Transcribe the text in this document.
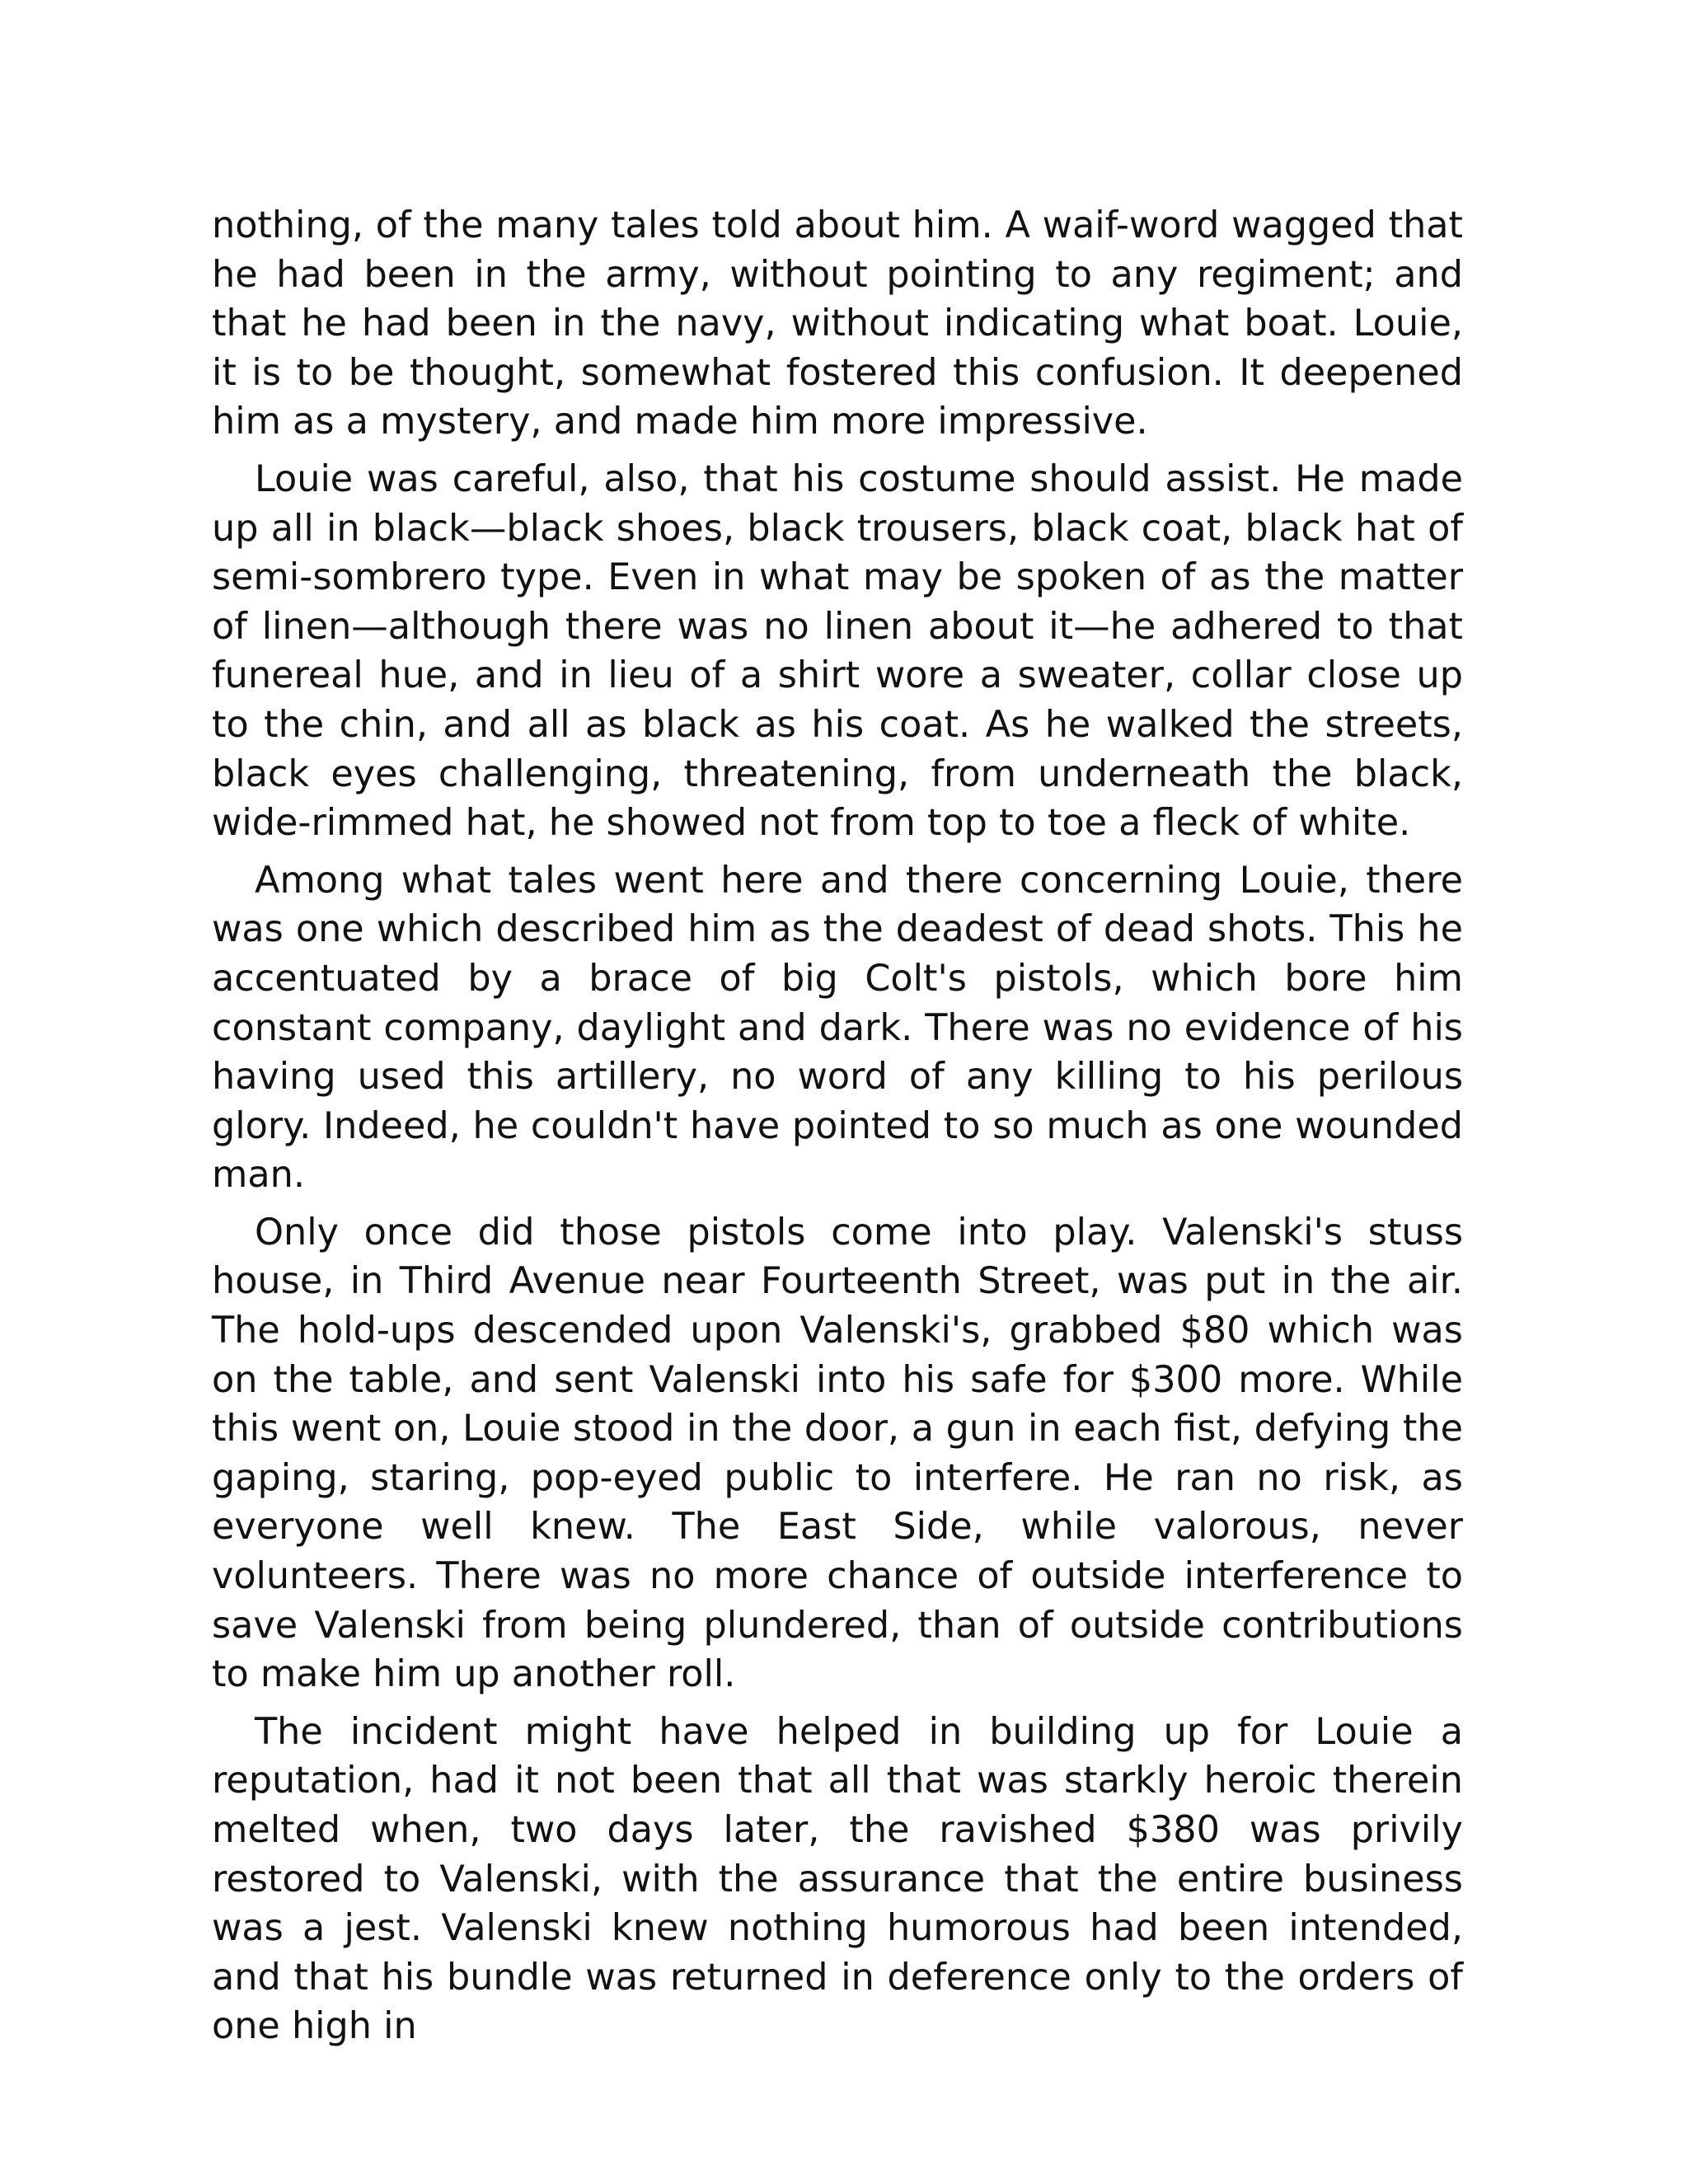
nothing, of the many tales told about him. A waif-word wagged that he had been in the army, without pointing to any regiment; and that he had been in the navy, without indicating what boat. Louie, it is to be thought, somewhat fostered this confusion. It deepened him as a mystery, and made him more impressive.

Louie was careful, also, that his costume should assist. He made up all in black—black shoes, black trousers, black coat, black hat of semi-sombrero type. Even in what may be spoken of as the matter of linen—although there was no linen about it—he adhered to that funereal hue, and in lieu of a shirt wore a sweater, collar close up to the chin, and all as black as his coat. As he walked the streets, black eyes challenging, threatening, from underneath the black, wide-rimmed hat, he showed not from top to toe a fleck of white.

Among what tales went here and there concerning Louie, there was one which described him as the deadest of dead shots. This he accentuated by a brace of big Colt's pistols, which bore him constant company, daylight and dark. There was no evidence of his having used this artillery, no word of any killing to his perilous glory. Indeed, he couldn't have pointed to so much as one wounded man.

Only once did those pistols come into play. Valenski's stuss house, in Third Avenue near Fourteenth Street, was put in the air. The hold-ups descended upon Valenski's, grabbed $80 which was on the table, and sent Valenski into his safe for $300 more. While this went on, Louie stood in the door, a gun in each fist, defying the gaping, staring, pop-eyed public to interfere. He ran no risk, as everyone well knew. The East Side, while valorous, never volunteers. There was no more chance of outside interference to save Valenski from being plundered, than of outside contributions to make him up another roll.

The incident might have helped in building up for Louie a reputation, had it not been that all that was starkly heroic therein melted when, two days later, the ravished $380 was privily restored to Valenski, with the assurance that the entire business was a jest. Valenski knew nothing humorous had been intended, and that his bundle was returned in deference only to the orders of one high in
